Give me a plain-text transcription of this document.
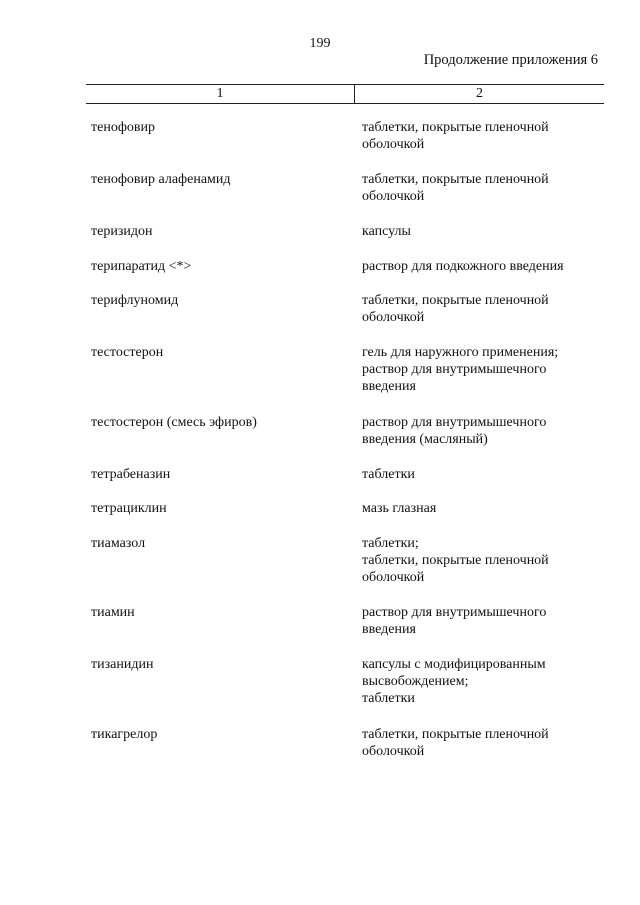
199
Продолжение приложения 6
1	2
тенофовир	таблетки, покрытые пленочной
оболочкой
тенофовир алафенамид	таблетки, покрытые пленочной
оболочкой
теризидон	капсулы
терипаратид <*>	раствор для подкожного введения
терифлуномид	таблетки, покрытые пленочной
оболочкой
тестостерон	гель для наружного применения;
раствор для внутримышечного
введения
тестостерон (смесь эфиров)	раствор для внутримышечного
введения (масляный)
тетрабеназин	таблетки
тетрациклин	мазь глазная
тиамазол	таблетки;
таблетки, покрытые пленочной
оболочкой
тиамин	раствор для внутримышечного
введения
тизанидин	капсулы с модифицированным
высвобождением;
таблетки
тикагрелор	таблетки, покрытые пленочной
оболочкой
